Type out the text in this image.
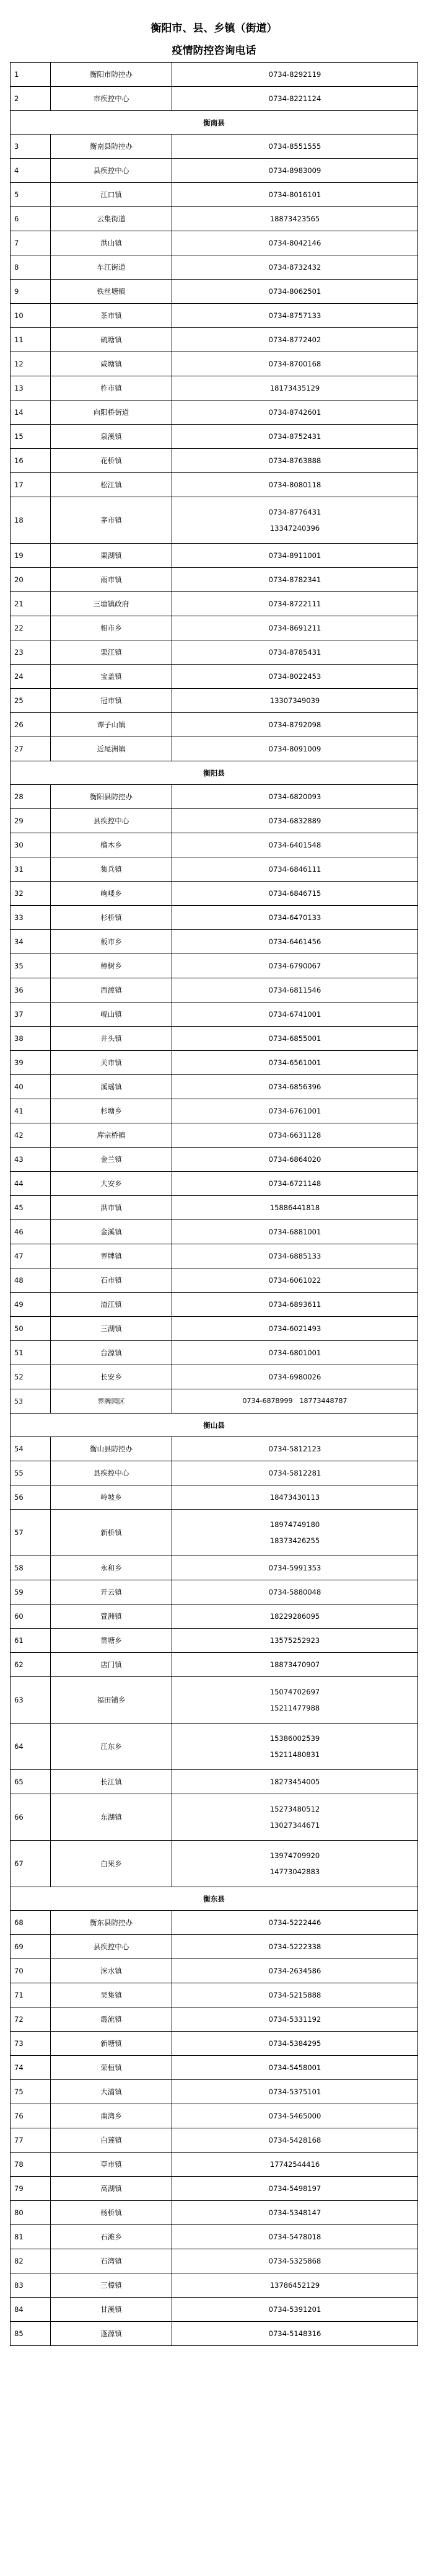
衡阳市、县、乡镇（街道）
疫情防控咨询电话
1	衡阳市防控办	0734-8292119

2	市疾控中心	0734-8221124

衡南县		
3	衡南县防控办	0734-8551555

4	县疾控中心	0734-8983009

5	江口镇	0734-8016101

6	云集街道	18873423565

7	洪山镇	0734-8042146

8	车江街道	0734-8732432

9	铁丝塘镇	0734-8062501

10	茶市镇	0734-8757133

11	硫塘镇	0734-8772402

12	咸塘镇	0734-8700168

13	柞市镇	18173435129

14	向阳桥街道	0734-8742601

15	泉溪镇	0734-8752431

16	花桥镇	0734-8763888

17	松江镇	0734-8080118

18	茅市镇	0734-8776431
13347240396

19	栗湖镇	0734-8911001

20	雨市镇	0734-8782341

21	三塘镇政府	0734-8722111

22	相市乡	0734-8691211

23	栗江镇	0734-8785431

24	宝盖镇	0734-8022453

25	冠市镇	13307349039

26	谭子山镇	0734-8792098

27	近尾洲镇	0734-8091009

衡阳县		
28	衡阳县防控办	0734-6820093

29	县疾控中心	0734-6832889

30	榴木乡	0734-6401548

31	集兵镇	0734-6846111

32	岣嵝乡	0734-6846715

33	杉桥镇	0734-6470133

34	板市乡	0734-6461456

35	樟树乡	0734-6790067

36	西渡镇	0734-6811546

37	岘山镇	0734-6741001

38	井头镇	0734-6855001

39	关市镇	0734-6561001

40	溪瑶镇	0734-6856396

41	杉塘乡	0734-6761001

42	库宗桥镇	0734-6631128

43	金兰镇	0734-6864020

44	大安乡	0734-6721148

45	洪市镇	15886441818

46	金溪镇	0734-6881001

47	界牌镇	0734-6885133

48	石市镇	0734-6061022

49	渣江镇	0734-6893611

50	三湖镇	0734-6021493

51	台源镇	0734-6801001

52	长安乡	0734-6980026

53	界牌园区	0734-6878999　18773448787

衡山县		
54	衡山县防控办	0734-5812123

55	县疾控中心	0734-5812281

56	岭坡乡	18473430113

57	新桥镇	18974749180
18373426255

58	永和乡	0734-5991353

59	开云镇	0734-5880048

60	萱洲镇	18229286095

61	贯塘乡	13575252923

62	店门镇	18873470907

63	福田铺乡	15074702697
15211477988

64	江东乡	15386002539
15211480831

65	长江镇	18273454005

66	东湖镇	15273480512
13027344671

67	白果乡	13974709920
14773042883

衡东县		
68	衡东县防控办	0734-5222446

69	县疾控中心	0734-5222338

70	洣水镇	0734-2634586

71	吴集镇	0734-5215888

72	霞流镇	0734-5331192

73	新塘镇	0734-5384295

74	荣桓镇	0734-5458001

75	大浦镇	0734-5375101

76	南湾乡	0734-5465000

77	白莲镇	0734-5428168

78	草市镇	17742544416

79	高湖镇	0734-5498197

80	杨桥镇	0734-5348147

81	石滩乡	0734-5478018

82	石湾镇	0734-5325868

83	三樟镇	13786452129

84	甘溪镇	0734-5391201

85	蓬源镇	0734-5148316
